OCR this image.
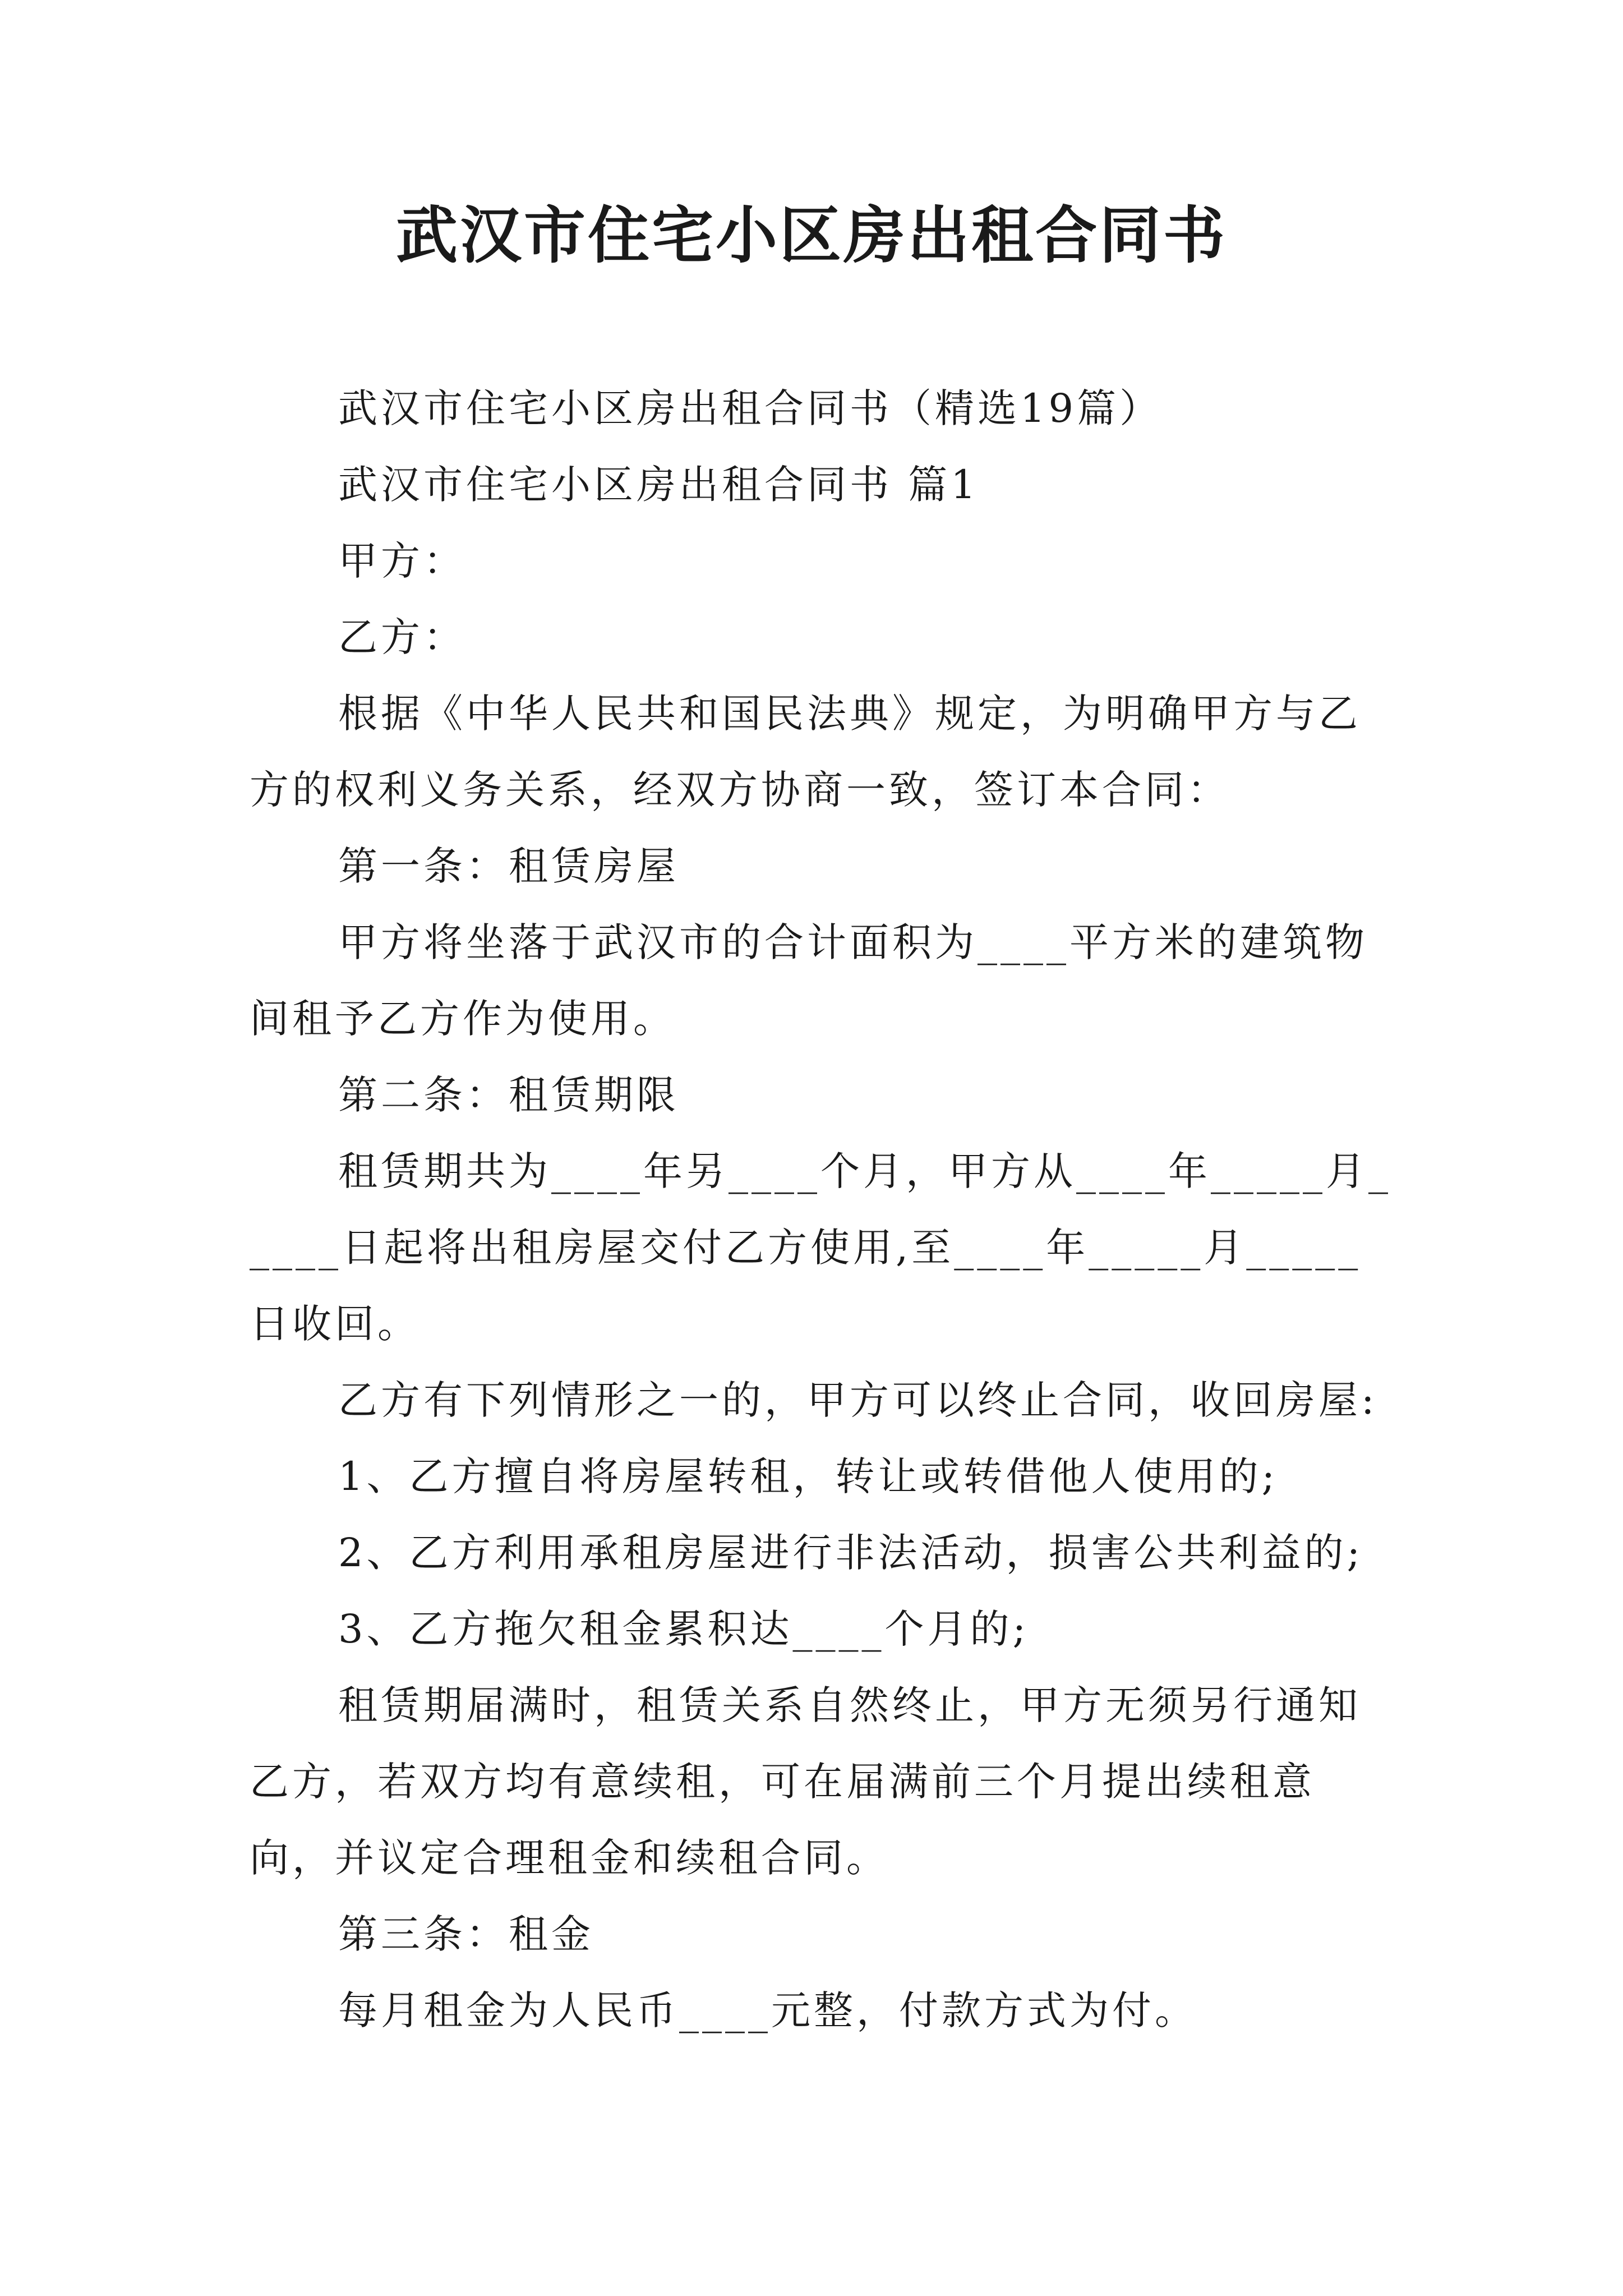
武汉市住宅小区房出租合同书

武汉市住宅小区房出租合同书（精选19篇）

武汉市住宅小区房出租合同书 篇1

甲方：

乙方：

根据《中华人民共和国民法典》规定，为明确甲方与乙方的权利义务关系，经双方协商一致，签订本合同：

第一条：租赁房屋

甲方将坐落于武汉市的合计面积为____平方米的建筑物间租予乙方作为使用。

第二条：租赁期限

租赁期共为____年另____个月，甲方从____年_____月_____日起将出租房屋交付乙方使用,至____年_____月_____日收回。

乙方有下列情形之一的，甲方可以终止合同，收回房屋:

1、乙方擅自将房屋转租，转让或转借他人使用的;

2、乙方利用承租房屋进行非法活动，损害公共利益的;

3、乙方拖欠租金累积达____个月的;

租赁期届满时，租赁关系自然终止，甲方无须另行通知乙方，若双方均有意续租，可在届满前三个月提出续租意向，并议定合理租金和续租合同。

第三条：租金

每月租金为人民币____元整，付款方式为付。
